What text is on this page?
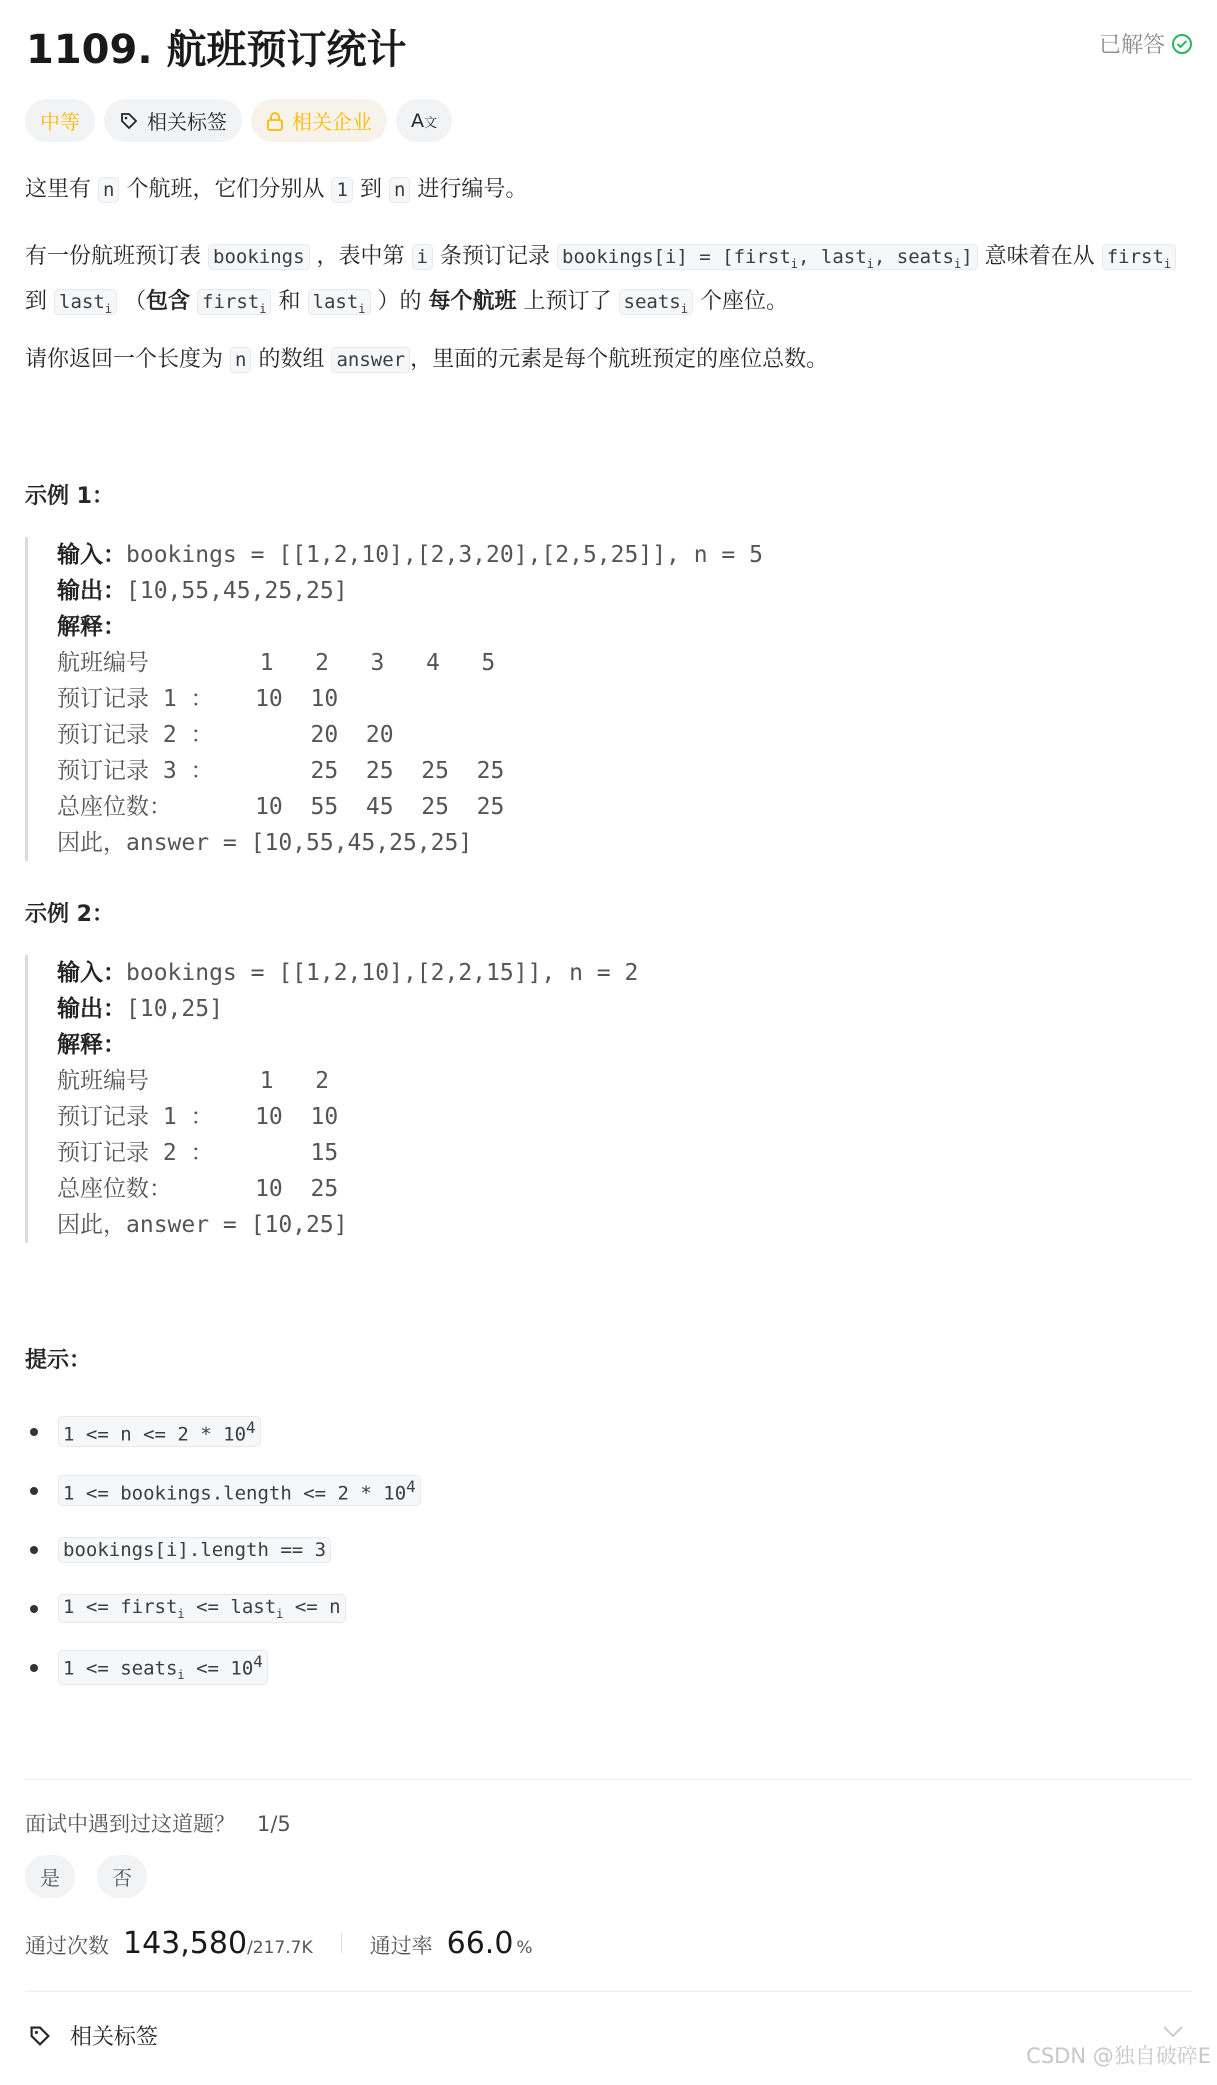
1109. 航班预订统计	已解答
中等	相关标签	相关企业 A文
这里有 n 个航班，它们分别从 1 到 n 进行编号。
有一份航班预订表 bookings ，表中第 i 条预订记录 bookings[i] = [first$_i$, last$_i$, seats$_i$] 意味着在从 first$_i$ 到 last$_i$ （包含 first$_i$ 和 last$_i$ ）的 每个航班 上预订了 seats$_i$ 个座位。
请你返回一个长度为 n 的数组 answer ，里面的元素是每个航班预定的座位总数。
示例 1：
输入：bookings = [[1,2,10],[2,3,20],[2,5,25]], n = 5
输出：[10,55,45,25,25]
解释：
航班编号        1   2   3   4   5
预订记录 1 ：   10  10
预订记录 2 ：       20  20
预订记录 3 ：       25  25  25  25
总座位数：      10  55  45  25  25
因此，answer = [10,55,45,25,25]
示例 2：
输入：bookings = [[1,2,10],[2,2,15]], n = 2
输出：[10,25]
解释：
航班编号        1   2
预订记录 1 ：   10  10
预订记录 2 ：       15
总座位数：      10  25
因此，answer = [10,25]
提示：
$1 <= n <= 2 * 10^4$
1 <= bookings.length <= $2 * 10^4$
bookings[i].length == 3
1 <= first$_i$ <= last$_i$ <= n
1 <= seats$_i$ <= $10^4$
面试中遇到过这道题？ 1/5
是	否
通过次数 143,580 /217.7K	通过率 66.0 %
相关标签
CSDN @独自破碎E
